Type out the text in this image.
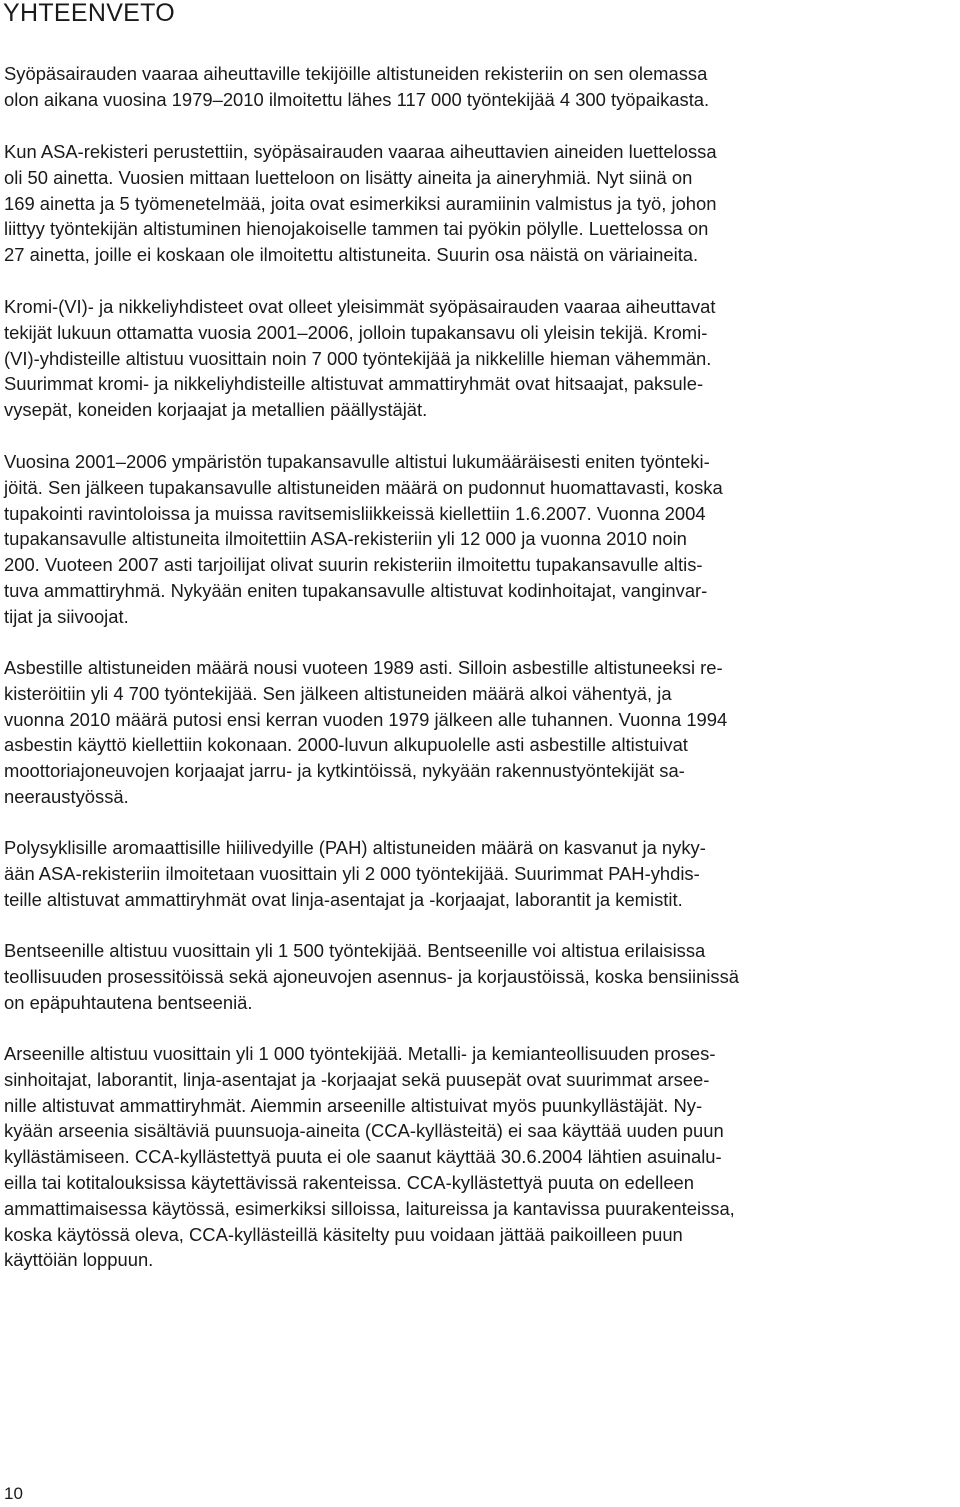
YHTEENVETO

Syöpäsairauden vaaraa aiheuttaville tekijöille altistuneiden rekisteriin on sen olemassa
olon aikana vuosina 1979–2010 ilmoitettu lähes 117 000 työntekijää 4 300 työpaikasta.

Kun ASA-rekisteri perustettiin, syöpäsairauden vaaraa aiheuttavien aineiden luettelossa
oli 50 ainetta. Vuosien mittaan luetteloon on lisätty aineita ja aineryhmiä. Nyt siinä on
169 ainetta ja 5 työmenetelmää, joita ovat esimerkiksi auramiinin valmistus ja työ, johon
liittyy työntekijän altistuminen hienojakoiselle tammen tai pyökin pölylle. Luettelossa on
27 ainetta, joille ei koskaan ole ilmoitettu altistuneita. Suurin osa näistä on väriaineita.

Kromi-(VI)- ja nikkeliyhdisteet ovat olleet yleisimmät syöpäsairauden vaaraa aiheuttavat
tekijät lukuun ottamatta vuosia 2001–2006, jolloin tupakansavu oli yleisin tekijä. Kromi-
(VI)-yhdisteille altistuu vuosittain noin 7 000 työntekijää ja nikkelille hieman vähemmän.
Suurimmat kromi- ja nikkeliyhdisteille altistuvat ammattiryhmät ovat hitsaajat, paksule-
vysepät, koneiden korjaajat ja metallien päällystäjät.

Vuosina 2001–2006 ympäristön tupakansavulle altistui lukumääräisesti eniten työnteki-
jöitä. Sen jälkeen tupakansavulle altistuneiden määrä on pudonnut huomattavasti, koska
tupakointi ravintoloissa ja muissa ravitsemisliikkeissä kiellettiin 1.6.2007. Vuonna 2004
tupakansavulle altistuneita ilmoitettiin ASA-rekisteriin yli 12 000 ja vuonna 2010 noin
200. Vuoteen 2007 asti tarjoilijat olivat suurin rekisteriin ilmoitettu tupakansavulle altis-
tuva ammattiryhmä. Nykyään eniten tupakansavulle altistuvat kodinhoitajat, vanginvar-
tijat ja siivoojat.

Asbestille altistuneiden määrä nousi vuoteen 1989 asti. Silloin asbestille altistuneeksi re-
kisteröitiin yli 4 700 työntekijää. Sen jälkeen altistuneiden määrä alkoi vähentyä, ja
vuonna 2010 määrä putosi ensi kerran vuoden 1979 jälkeen alle tuhannen. Vuonna 1994
asbestin käyttö kiellettiin kokonaan. 2000-luvun alkupuolelle asti asbestille altistuivat
moottoriajoneuvojen korjaajat jarru- ja kytkintöissä, nykyään rakennustyöntekijät sa-
neeraustyössä.

Polysyklisille aromaattisille hiilivedyille (PAH) altistuneiden määrä on kasvanut ja nyky-
ään ASA-rekisteriin ilmoitetaan vuosittain yli 2 000 työntekijää. Suurimmat PAH-yhdis-
teille altistuvat ammattiryhmät ovat linja-asentajat ja -korjaajat, laborantit ja kemistit.

Bentseenille altistuu vuosittain yli 1 500 työntekijää. Bentseenille voi altistua erilaisissa
teollisuuden prosessitöissä sekä ajoneuvojen asennus- ja korjaustöissä, koska bensiinissä
on epäpuhtautena bentseeniä.

Arseenille altistuu vuosittain yli 1 000 työntekijää. Metalli- ja kemianteollisuuden proses-
sinhoitajat, laborantit, linja-asentajat ja -korjaajat sekä puusepät ovat suurimmat arsee-
nille altistuvat ammattiryhmät. Aiemmin arseenille altistuivat myös puunkyllästäjät. Ny-
kyään arseenia sisältäviä puunsuoja-aineita (CCA-kyllästeitä) ei saa käyttää uuden puun
kyllästämiseen. CCA-kyllästettyä puuta ei ole saanut käyttää 30.6.2004 lähtien asuinalu-
eilla tai kotitalouksissa käytettävissä rakenteissa. CCA-kyllästettyä puuta on edelleen
ammattimaisessa käytössä, esimerkiksi silloissa, laitureissa ja kantavissa puurakenteissa,
koska käytössä oleva, CCA-kyllästeillä käsitelty puu voidaan jättää paikoilleen puun
käyttöiän loppuun.

10
